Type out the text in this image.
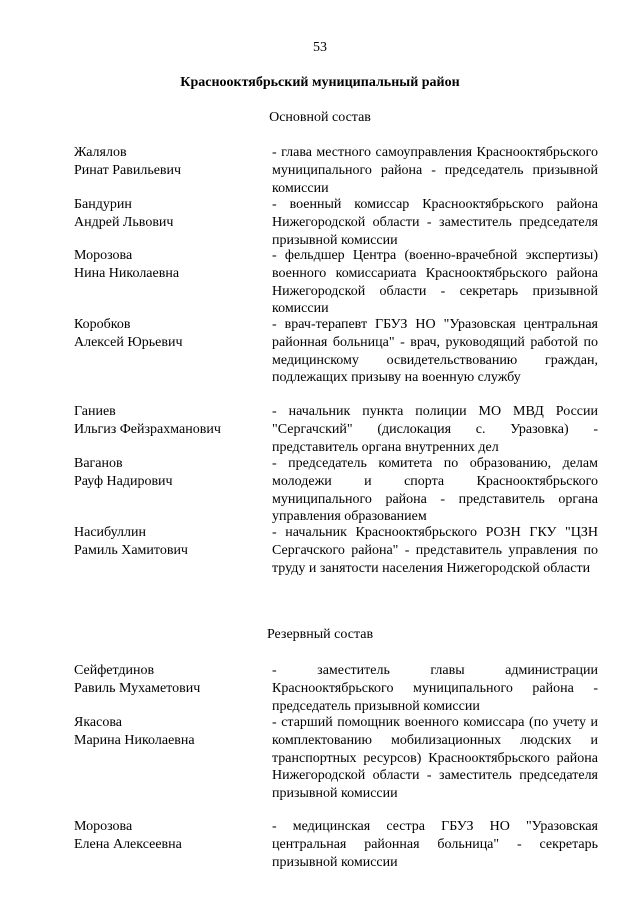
53
Краснооктябрьский муниципальный район
Основной состав
Жалялов
Ринат Равильевич
- глава местного самоуправления Краснооктябрьского муниципального района - председатель призывной комиссии
Бандурин
Андрей Львович
- военный комиссар Краснооктябрьского района Нижегородской области - заместитель председателя призывной комиссии
Морозова
Нина Николаевна
- фельдшер Центра (военно-врачебной экспертизы) военного комиссариата Краснооктябрьского района Нижегородской области - секретарь призывной комиссии
Коробков
Алексей Юрьевич
- врач-терапевт ГБУЗ НО "Уразовская центральная районная больница" - врач, руководящий работой по медицинскому освидетельствованию граждан, подлежащих призыву на военную службу
Ганиев
Ильгиз Фейзрахманович
- начальник пункта полиции МО МВД России "Сергачский" (дислокация с. Уразовка) - представитель органа внутренних дел
Ваганов
Рауф Надирович
- председатель комитета по образованию, делам молодежи и спорта Краснооктябрьского муниципального района - представитель органа управления образованием
Насибуллин
Рамиль Хамитович
- начальник Краснооктябрьского РОЗН ГКУ "ЦЗН Сергачского района" - представитель управления по труду и занятости населения Нижегородской области
Резервный состав
Сейфетдинов
Равиль Мухаметович
- заместитель главы администрации Краснооктябрьского муниципального района - председатель призывной комиссии
Якасова
Марина Николаевна
- старший помощник военного комиссара (по учету и комплектованию мобилизационных людских и транспортных ресурсов) Краснооктябрьского района Нижегородской области - заместитель председателя призывной комиссии
Морозова
Елена Алексеевна
- медицинская сестра ГБУЗ НО "Уразовская центральная районная больница" - секретарь призывной комиссии
